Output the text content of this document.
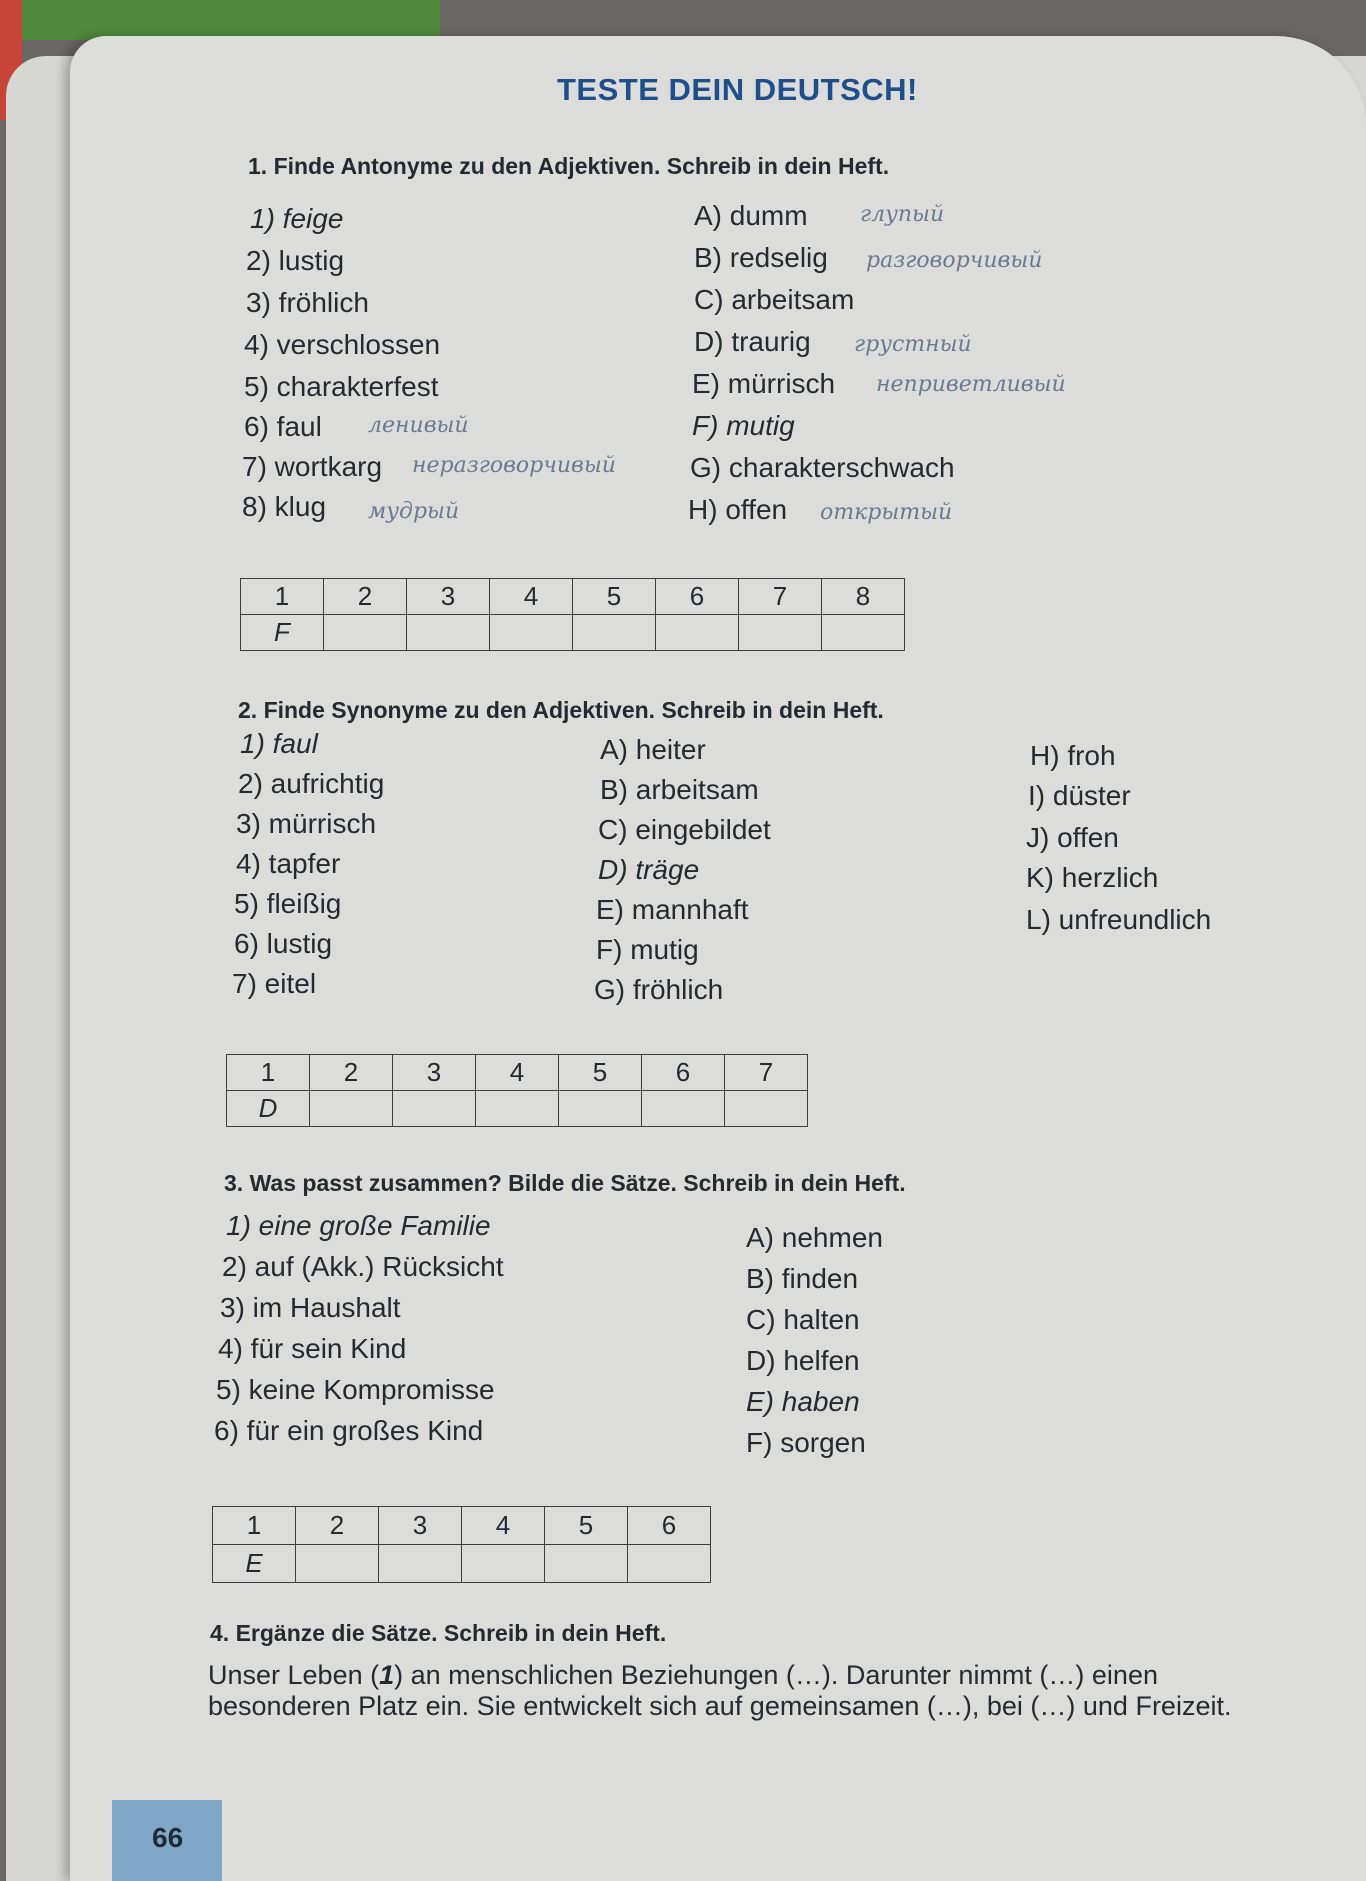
TESTE DEIN DEUTSCH!
1. Finde Antonyme zu den Adjektiven. Schreib in dein Heft.
1) feige
2) lustig
3) fröhlich
4) verschlossen
5) charakterfest
6) faul
7) wortkarg
8) klug
ленивый
неразговорчивый
мудрый
A) dumm
B) redselig
C) arbeitsam
D) traurig
E) mürrisch
F) mutig
G) charakterschwach
H) offen
глупый
разговорчивый
грустный
неприветливый
открытый
1	2	3	4	5	6	7	8
F							
2. Finde Synonyme zu den Adjektiven. Schreib in dein Heft.
1) faul
2) aufrichtig
3) mürrisch
4) tapfer
5) fleißig
6) lustig
7) eitel
A) heiter
B) arbeitsam
C) eingebildet
D) träge
E) mannhaft
F) mutig
G) fröhlich
H) froh
I) düster
J) offen
K) herzlich
L) unfreundlich
1	2	3	4	5	6	7
D						
3. Was passt zusammen? Bilde die Sätze. Schreib in dein Heft.
1) eine große Familie
2) auf (Akk.) Rücksicht
3) im Haushalt
4) für sein Kind
5) keine Kompromisse
6) für ein großes Kind
A) nehmen
B) finden
C) halten
D) helfen
E) haben
F) sorgen
1	2	3	4	5	6
E					
4. Ergänze die Sätze. Schreib in dein Heft.
Unser Leben (1) an menschlichen Beziehungen (…). Darunter nimmt (…) einen besonderen Platz ein. Sie entwickelt sich auf gemeinsamen (…), bei (…) und Freizeit.
66
